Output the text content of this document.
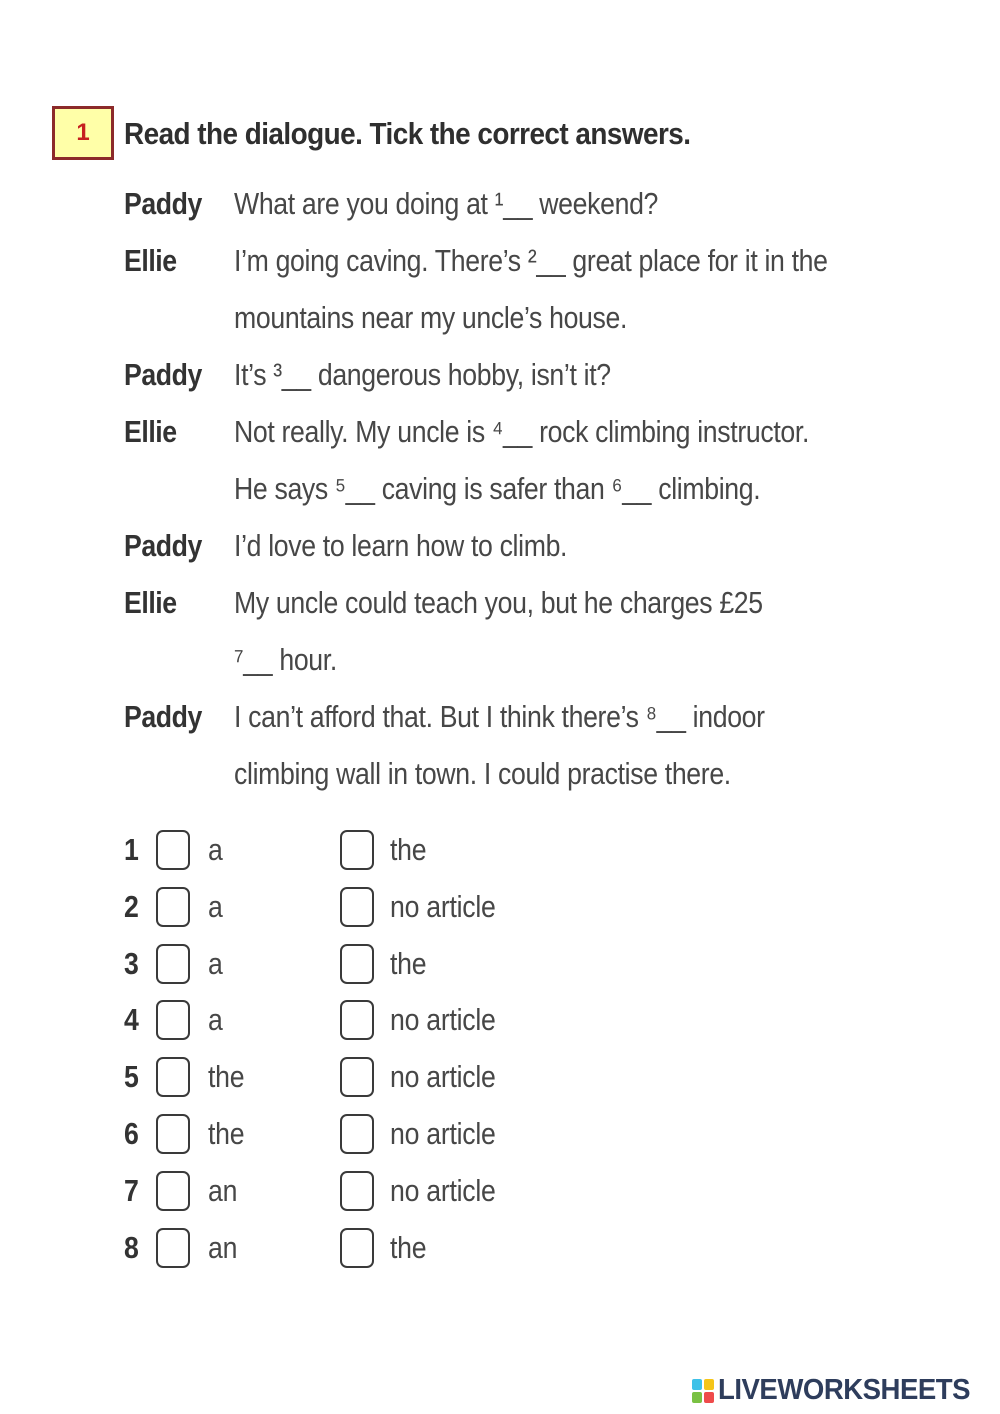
1 Read the dialogue. Tick the correct answers.
Paddy What are you doing at ¹__ weekend?
Ellie I’m going caving. There’s ²__ great place for it in the
mountains near my uncle’s house.
Paddy It’s ³__ dangerous hobby, isn’t it?
Ellie Not really. My uncle is ⁴__ rock climbing instructor.
He says ⁵__ caving is safer than ⁶__ climbing.
Paddy I’d love to learn how to climb.
Ellie My uncle could teach you, but he charges £25
⁷__ hour.
Paddy I can’t afford that. But I think there’s ⁸__ indoor
climbing wall in town. I could practise there.
1 a	the
2 a	no article
3 a	the
4 a	no article
5 the	no article
6 the	no article
7 an	no article
8 an	the
LIVEWORKSHEETS
